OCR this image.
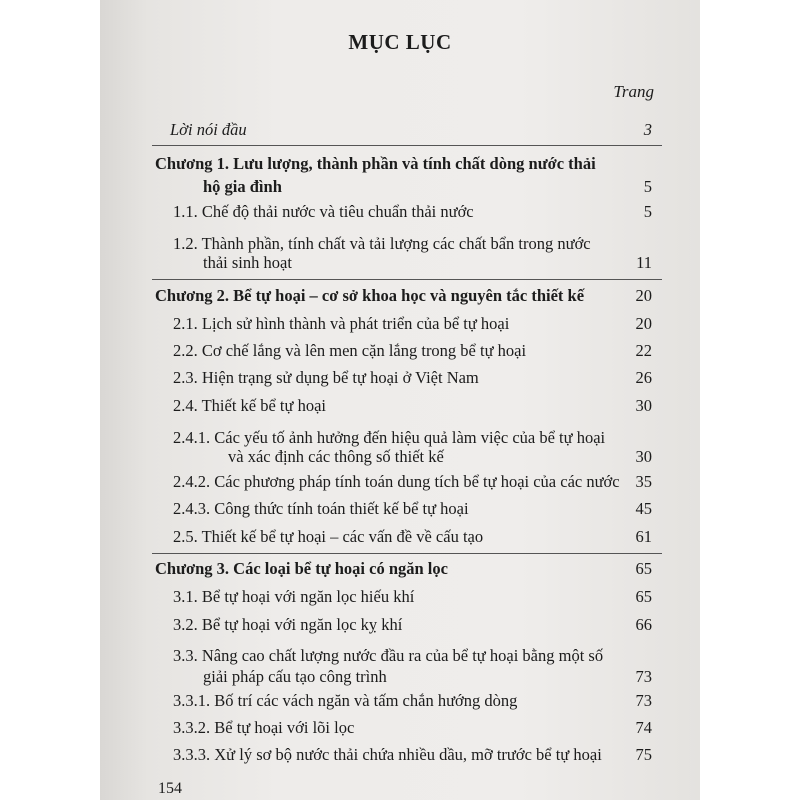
MỤC LỤC
Trang
Lời nói đầu	3
Chương 1. Lưu lượng, thành phần và tính chất dòng nước thải
hộ gia đình	5
1.1. Chế độ thải nước và tiêu chuẩn thải nước	5
1.2. Thành phần, tính chất và tải lượng các chất bẩn trong nước
thải sinh hoạt	11
Chương 2. Bể tự hoại – cơ sở khoa học và nguyên tắc thiết kế	20
2.1. Lịch sử hình thành và phát triển của bể tự hoại	20
2.2. Cơ chế lắng và lên men cặn lắng trong bể tự hoại	22
2.3. Hiện trạng sử dụng bể tự hoại ở Việt Nam	26
2.4. Thiết kế bể tự hoại	30
2.4.1. Các yếu tố ảnh hưởng đến hiệu quả làm việc của bể tự hoại
và xác định các thông số thiết kế	30
2.4.2. Các phương pháp tính toán dung tích bể tự hoại của các nước 35
2.4.3. Công thức tính toán thiết kế bể tự hoại	45
2.5. Thiết kế bể tự hoại – các vấn đề về cấu tạo	61
Chương 3. Các loại bể tự hoại có ngăn lọc	65
3.1. Bể tự hoại với ngăn lọc hiếu khí	65
3.2. Bể tự hoại với ngăn lọc kỵ khí	66
3.3. Nâng cao chất lượng nước đầu ra của bể tự hoại bằng một số
giải pháp cấu tạo công trình	73
3.3.1. Bố trí các vách ngăn và tấm chắn hướng dòng	73
3.3.2. Bể tự hoại với lõi lọc	74
3.3.3. Xử lý sơ bộ nước thải chứa nhiều dầu, mỡ trước bể tự hoại 75
154
